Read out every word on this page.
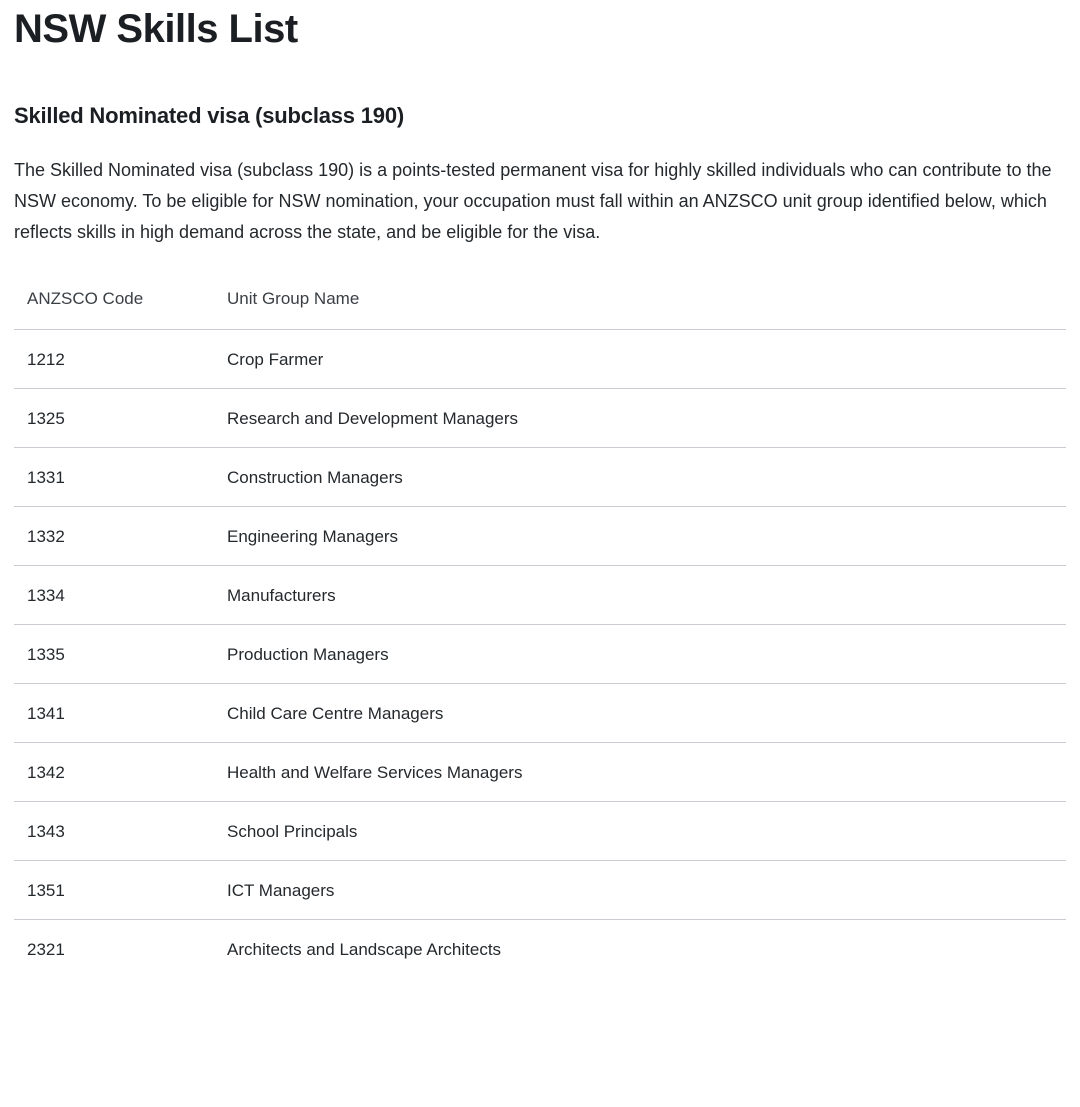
NSW Skills List
Skilled Nominated visa (subclass 190)

The Skilled Nominated visa (subclass 190) is a points-tested permanent visa for highly skilled individuals who can contribute to the NSW economy. To be eligible for NSW nomination, your occupation must fall within an ANZSCO unit group identified below, which reflects skills in high demand across the state, and be eligible for the visa.

ANZSCO Code	Unit Group Name
1212	Crop Farmer
1325	Research and Development Managers
1331	Construction Managers
1332	Engineering Managers
1334	Manufacturers
1335	Production Managers
1341	Child Care Centre Managers
1342	Health and Welfare Services Managers
1343	School Principals
1351	ICT Managers
2321	Architects and Landscape Architects
